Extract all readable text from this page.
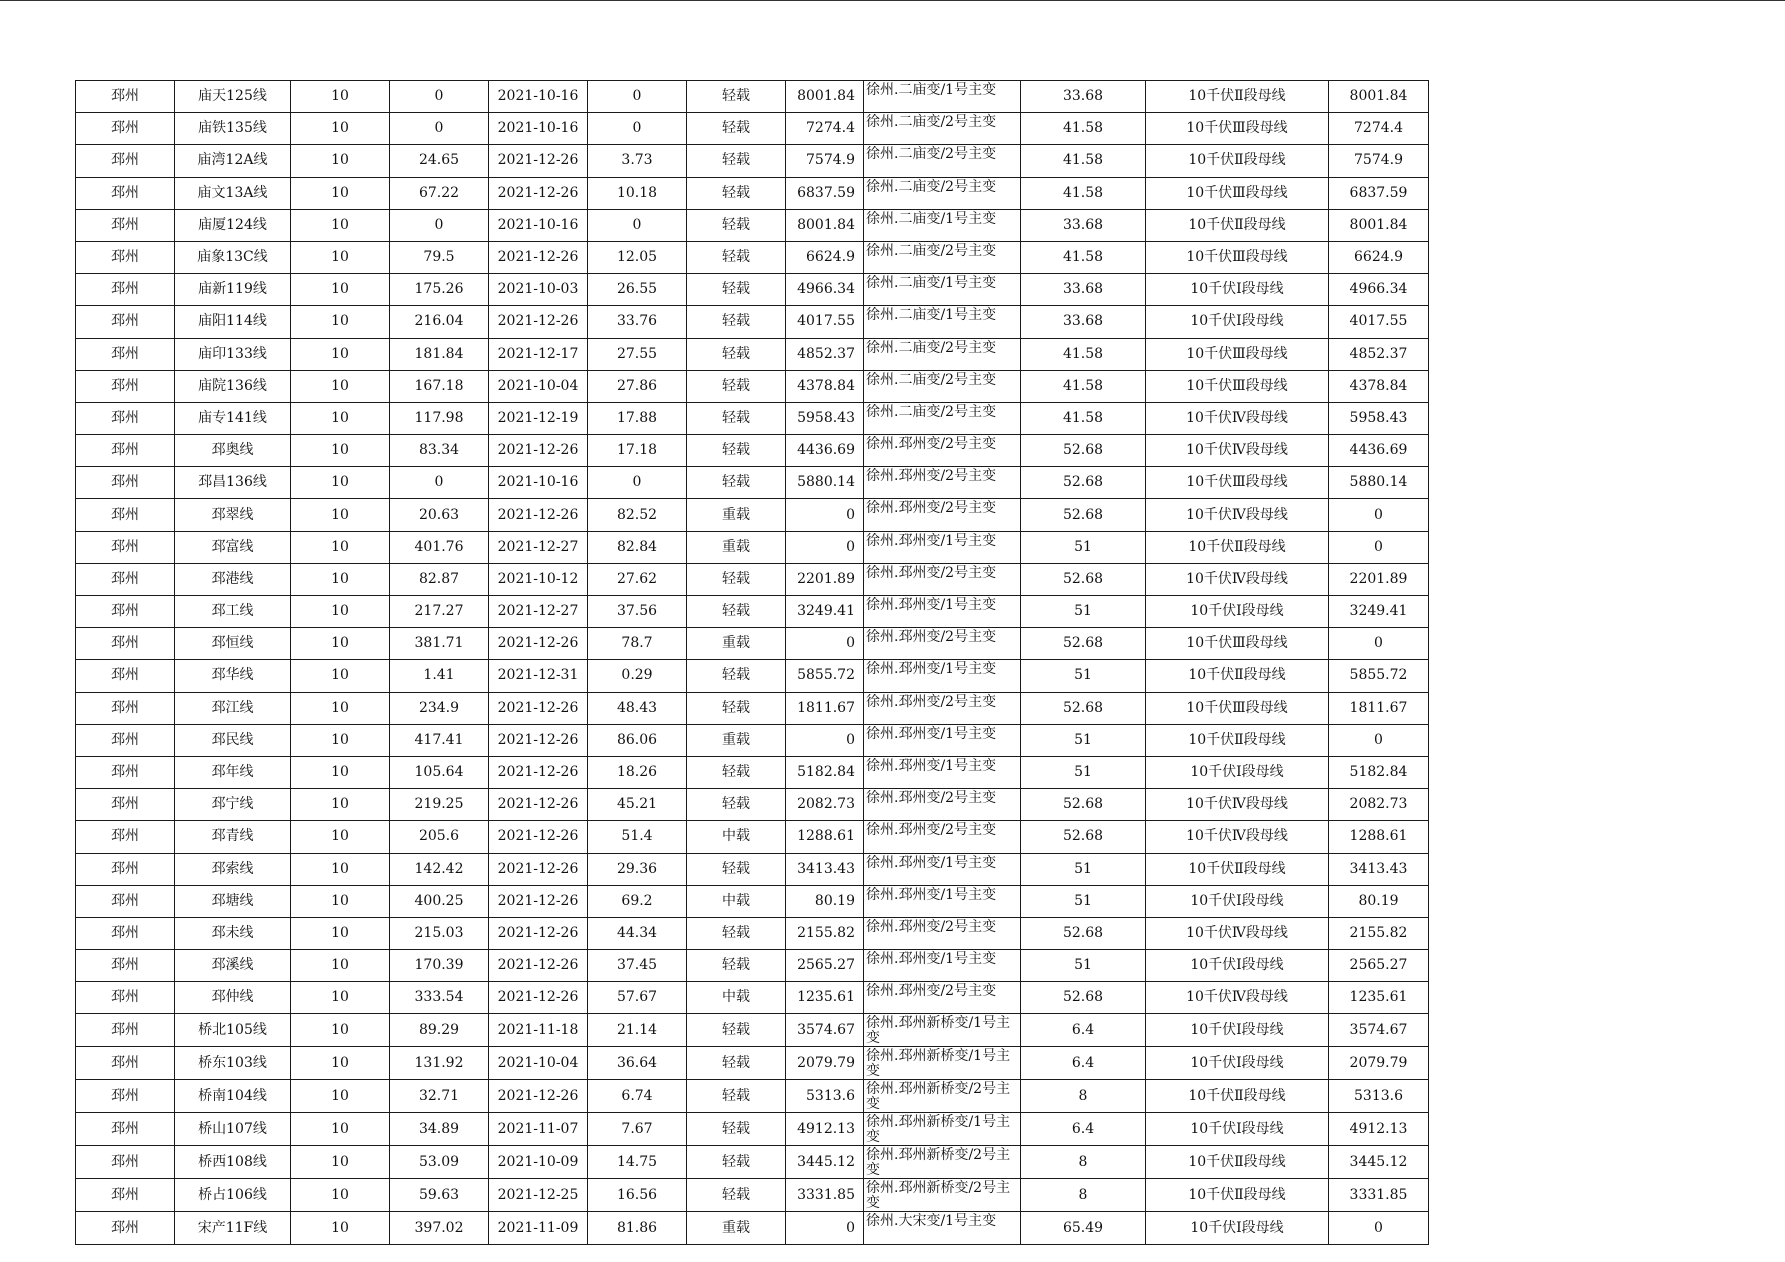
邳州	庙天125线	10	0	2021-10-16	0	轻载	8001.84	徐州.二庙变/1号主变	33.68	10千伏Ⅱ段母线	8001.84
邳州	庙铁135线	10	0	2021-10-16	0	轻载	7274.4	徐州.二庙变/2号主变	41.58	10千伏Ⅲ段母线	7274.4
邳州	庙湾12A线	10	24.65	2021-12-26	3.73	轻载	7574.9	徐州.二庙变/2号主变	41.58	10千伏Ⅱ段母线	7574.9
邳州	庙文13A线	10	67.22	2021-12-26	10.18	轻载	6837.59	徐州.二庙变/2号主变	41.58	10千伏Ⅲ段母线	6837.59
邳州	庙厦124线	10	0	2021-10-16	0	轻载	8001.84	徐州.二庙变/1号主变	33.68	10千伏Ⅱ段母线	8001.84
邳州	庙象13C线	10	79.5	2021-12-26	12.05	轻载	6624.9	徐州.二庙变/2号主变	41.58	10千伏Ⅲ段母线	6624.9
邳州	庙新119线	10	175.26	2021-10-03	26.55	轻载	4966.34	徐州.二庙变/1号主变	33.68	10千伏Ⅰ段母线	4966.34
邳州	庙阳114线	10	216.04	2021-12-26	33.76	轻载	4017.55	徐州.二庙变/1号主变	33.68	10千伏Ⅰ段母线	4017.55
邳州	庙印133线	10	181.84	2021-12-17	27.55	轻载	4852.37	徐州.二庙变/2号主变	41.58	10千伏Ⅲ段母线	4852.37
邳州	庙院136线	10	167.18	2021-10-04	27.86	轻载	4378.84	徐州.二庙变/2号主变	41.58	10千伏Ⅲ段母线	4378.84
邳州	庙专141线	10	117.98	2021-12-19	17.88	轻载	5958.43	徐州.二庙变/2号主变	41.58	10千伏Ⅳ段母线	5958.43
邳州	邳奥线	10	83.34	2021-12-26	17.18	轻载	4436.69	徐州.邳州变/2号主变	52.68	10千伏Ⅳ段母线	4436.69
邳州	邳昌136线	10	0	2021-10-16	0	轻载	5880.14	徐州.邳州变/2号主变	52.68	10千伏Ⅲ段母线	5880.14
邳州	邳翠线	10	20.63	2021-12-26	82.52	重载	0	徐州.邳州变/2号主变	52.68	10千伏Ⅳ段母线	0
邳州	邳富线	10	401.76	2021-12-27	82.84	重载	0	徐州.邳州变/1号主变	51	10千伏Ⅱ段母线	0
邳州	邳港线	10	82.87	2021-10-12	27.62	轻载	2201.89	徐州.邳州变/2号主变	52.68	10千伏Ⅳ段母线	2201.89
邳州	邳工线	10	217.27	2021-12-27	37.56	轻载	3249.41	徐州.邳州变/1号主变	51	10千伏Ⅰ段母线	3249.41
邳州	邳恒线	10	381.71	2021-12-26	78.7	重载	0	徐州.邳州变/2号主变	52.68	10千伏Ⅲ段母线	0
邳州	邳华线	10	1.41	2021-12-31	0.29	轻载	5855.72	徐州.邳州变/1号主变	51	10千伏Ⅱ段母线	5855.72
邳州	邳江线	10	234.9	2021-12-26	48.43	轻载	1811.67	徐州.邳州变/2号主变	52.68	10千伏Ⅲ段母线	1811.67
邳州	邳民线	10	417.41	2021-12-26	86.06	重载	0	徐州.邳州变/1号主变	51	10千伏Ⅱ段母线	0
邳州	邳年线	10	105.64	2021-12-26	18.26	轻载	5182.84	徐州.邳州变/1号主变	51	10千伏Ⅰ段母线	5182.84
邳州	邳宁线	10	219.25	2021-12-26	45.21	轻载	2082.73	徐州.邳州变/2号主变	52.68	10千伏Ⅳ段母线	2082.73
邳州	邳青线	10	205.6	2021-12-26	51.4	中载	1288.61	徐州.邳州变/2号主变	52.68	10千伏Ⅳ段母线	1288.61
邳州	邳索线	10	142.42	2021-12-26	29.36	轻载	3413.43	徐州.邳州变/1号主变	51	10千伏Ⅱ段母线	3413.43
邳州	邳塘线	10	400.25	2021-12-26	69.2	中载	80.19	徐州.邳州变/1号主变	51	10千伏Ⅰ段母线	80.19
邳州	邳未线	10	215.03	2021-12-26	44.34	轻载	2155.82	徐州.邳州变/2号主变	52.68	10千伏Ⅳ段母线	2155.82
邳州	邳溪线	10	170.39	2021-12-26	37.45	轻载	2565.27	徐州.邳州变/1号主变	51	10千伏Ⅰ段母线	2565.27
邳州	邳仲线	10	333.54	2021-12-26	57.67	中载	1235.61	徐州.邳州变/2号主变	52.68	10千伏Ⅳ段母线	1235.61
邳州	桥北105线	10	89.29	2021-11-18	21.14	轻载	3574.67	徐州.邳州新桥变/1号主变	6.4	10千伏Ⅰ段母线	3574.67
邳州	桥东103线	10	131.92	2021-10-04	36.64	轻载	2079.79	徐州.邳州新桥变/1号主变	6.4	10千伏Ⅰ段母线	2079.79
邳州	桥南104线	10	32.71	2021-12-26	6.74	轻载	5313.6	徐州.邳州新桥变/2号主变	8	10千伏Ⅱ段母线	5313.6
邳州	桥山107线	10	34.89	2021-11-07	7.67	轻载	4912.13	徐州.邳州新桥变/1号主变	6.4	10千伏Ⅰ段母线	4912.13
邳州	桥西108线	10	53.09	2021-10-09	14.75	轻载	3445.12	徐州.邳州新桥变/2号主变	8	10千伏Ⅱ段母线	3445.12
邳州	桥占106线	10	59.63	2021-12-25	16.56	轻载	3331.85	徐州.邳州新桥变/2号主变	8	10千伏Ⅱ段母线	3331.85
邳州	宋产11F线	10	397.02	2021-11-09	81.86	重载	0	徐州.大宋变/1号主变	65.49	10千伏Ⅰ段母线	0
